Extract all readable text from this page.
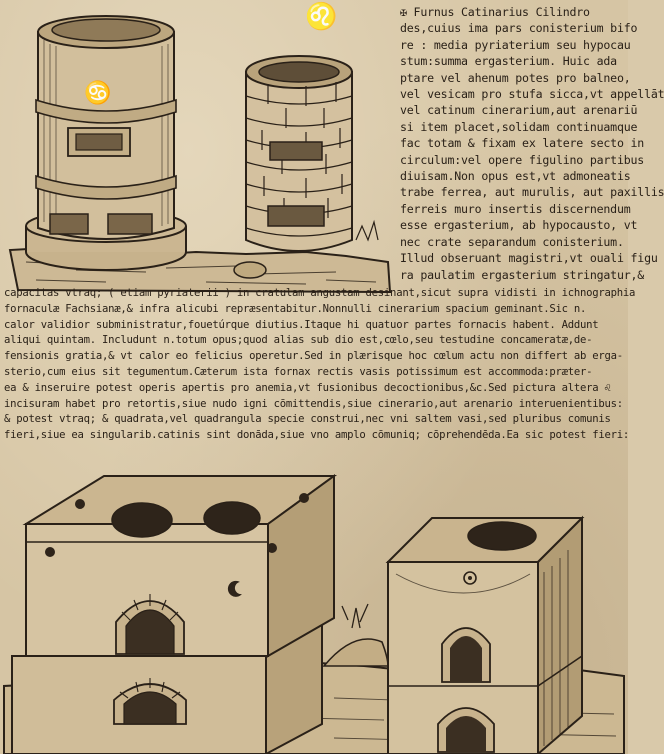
♋
♌	✠ Furnus Catinarius Cilindro
des,cuius ima pars conisterium bifo
re : media pyriaterium seu hypocau
stum:summa ergasterium. Huic ada
ptare vel ahenum potes pro balneo,
vel vesicam pro stufa sicca,vt appellāt
vel catinum cinerarium,aut arenariū
si item placet,solidam continuamque
fac totam & fixam ex latere secto in
circulum:vel opere figulino partibus
diuisam.Non opus est,vt admoneatis
trabe ferrea, aut murulis, aut paxillis
ferreis muro insertis discernendum
esse ergasterium, ab hypocausto, vt
nec crate separandum conisterium.
Illud obseruant magistri,vt ouali figu
ra paulatim ergasterium stringatur,&
capacitas vtraq; ( etiam pyriaterii ) in cratulam angustam desinant,sicut supra vidisti in ichnographia
fornaculæ Fachsianæ,& infra alicubi repræsentabitur.Nonnulli cinerarium spacium geminant.Sic n.
calor validior subministratur,fouetúrque diutius.Itaque hi quatuor partes fornacis habent. Addunt
aliqui quintam. Includunt n.totum opus;quod alias sub dio est,cœlo,seu testudine concameratæ,de-
fensionis gratia,& vt calor eo felicius operetur.Sed in plærisque hoc cœlum actu non differt ab erga-
sterio,cum eius sit tegumentum.Cæterum ista fornax rectis vasis potissimum est accommoda:præter-
ea & inseruire potest operis apertis pro anemia,vt fusionibus decoctionibus,&c.Sed pictura altera ♌
incisuram habet pro retortis,siue nudo igni cōmittendis,siue cinerario,aut arenario interuenientibus:
& potest vtraq; & quadrata,vel quadrangula specie construi,nec vni saltem vasi,sed pluribus comunis
fieri,siue ea singularib.catinis sint donāda,siue vno amplo cōmuniq; cōprehendēda.Ea sic potest fieri:
